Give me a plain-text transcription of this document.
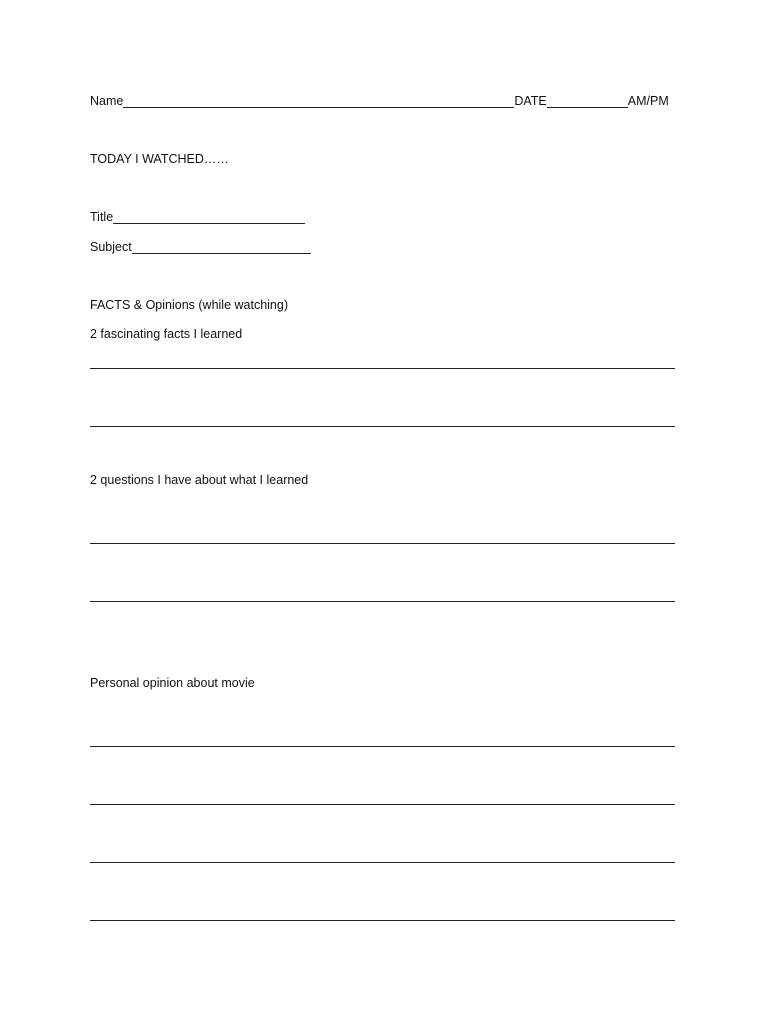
Name	DATE	AM/PM
TODAY I WATCHED……
Title
Subject
FACTS & Opinions (while watching)
2 fascinating facts I learned
2 questions I have about what I learned
Personal opinion about movie
